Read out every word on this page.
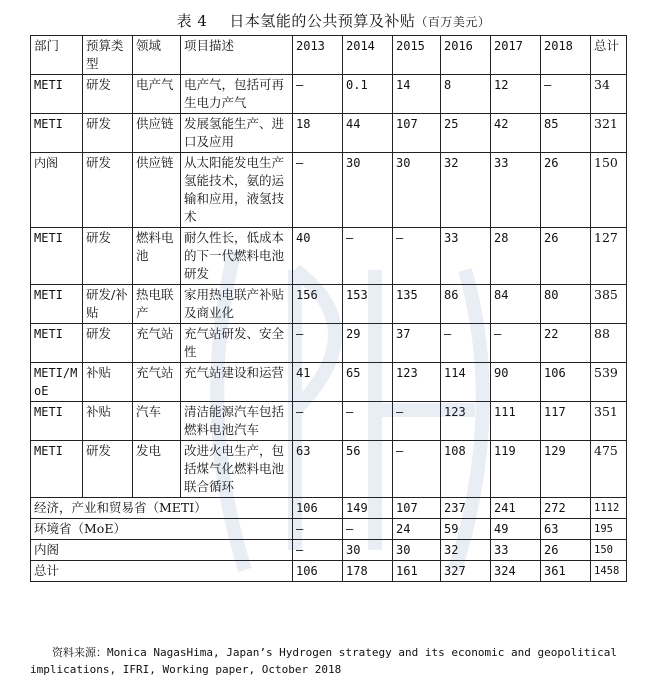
表 4 日本氢能的公共预算及补贴（百万美元）
部门	预算类型	领域	项目描述	2013	2014	2015	2016	2017	2018	总计
METI	研发	电产气	电产气，包括可再生电力产气	—	0.1	14	8	12	—	34
METI	研发	供应链	发展氢能生产、进口及应用	18	44	107	25	42	85	321
内阁	研发	供应链	从太阳能发电生产氢能技术，氨的运输和应用，液氢技术	—	30	30	32	33	26	150
METI	研发	燃料电池	耐久性长，低成本的下一代燃料电池研发	40	—	—	33	28	26	127
METI	研发/补贴	热电联产	家用热电联产补贴及商业化	156	153	135	86	84	80	385
METI	研发	充气站	充气站研发、安全性	—	29	37	—	—	22	88
METI/MoE	补贴	充气站	充气站建设和运营	41	65	123	114	90	106	539
METI	补贴	汽车	清洁能源汽车包括燃料电池汽车	—	—	—	123	111	117	351
METI	研发	发电	改进火电生产，包括煤气化燃料电池联合循环	63	56	—	108	119	129	475
经济，产业和贸易省（METI）				106	149	107	237	241	272	1112
环境省（MoE）				—	—	24	59	49	63	195
内阁				—	30	30	32	33	26	150
总计				106	178	161	327	324	361	1458
资料来源：Monica NagasHima, Japan’s Hydrogen strategy and its economic and geopolitical
implications, IFRI, Working paper, October 2018
